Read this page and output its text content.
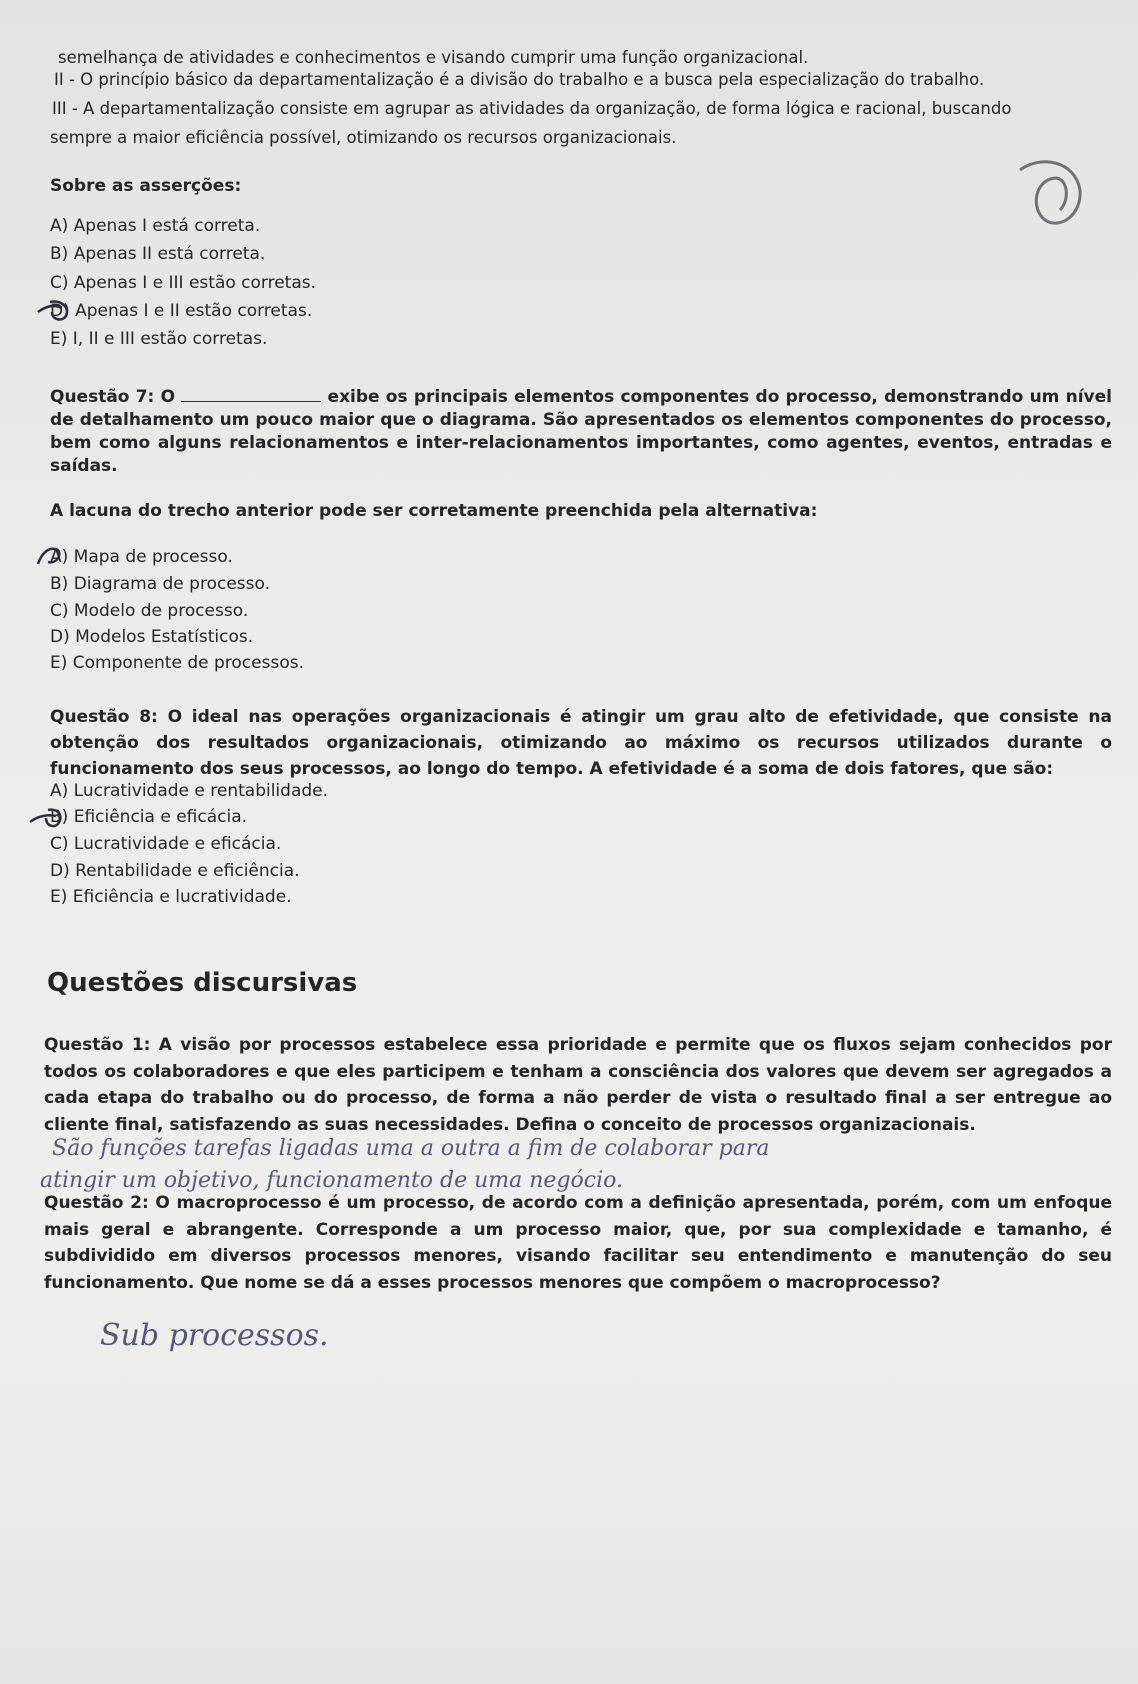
semelhança de atividades e conhecimentos e visando cumprir uma função organizacional.

II - O princípio básico da departamentalização é a divisão do trabalho e a busca pela especialização do trabalho.

III - A departamentalização consiste em agrupar as atividades da organização, de forma lógica e racional, buscando

sempre a maior eficiência possível, otimizando os recursos organizacionais.

Sobre as asserções:

A) Apenas I está correta.
B) Apenas II está correta.
C) Apenas I e III estão corretas.
D) Apenas I e II estão corretas.
E) I, II e III estão corretas.
Questão 7: O	exibe os principais elementos componentes do processo, demonstrando um nível de detalhamento um pouco maior que o diagrama. São apresentados os elementos componentes do processo, bem como alguns relacionamentos e inter-relacionamentos importantes, como agentes, eventos, entradas e saídas.

A lacuna do trecho anterior pode ser corretamente preenchida pela alternativa:

A) Mapa de processo.
B) Diagrama de processo.
C) Modelo de processo.
D) Modelos Estatísticos.
E) Componente de processos.

Questão 8: O ideal nas operações organizacionais é atingir um grau alto de efetividade, que consiste na obtenção dos resultados organizacionais, otimizando ao máximo os recursos utilizados durante o funcionamento dos seus processos, ao longo do tempo. A efetividade é a soma de dois fatores, que são:

A) Lucratividade e rentabilidade.
B) Eficiência e eficácia.
C) Lucratividade e eficácia.
D) Rentabilidade e eficiência.
E) Eficiência e lucratividade.
Questões discursivas

Questão 1: A visão por processos estabelece essa prioridade e permite que os fluxos sejam conhecidos por todos os colaboradores e que eles participem e tenham a consciência dos valores que devem ser agregados a cada etapa do trabalho ou do processo, de forma a não perder de vista o resultado final a ser entregue ao cliente final, satisfazendo as suas necessidades. Defina o conceito de processos organizacionais.

São funções tarefas ligadas uma a outra a fim de colaborar para
atingir um objetivo, funcionamento de uma negócio.

Questão 2: O macroprocesso é um processo, de acordo com a definição apresentada, porém, com um enfoque mais geral e abrangente. Corresponde a um processo maior, que, por sua complexidade e tamanho, é subdividido em diversos processos menores, visando facilitar seu entendimento e manutenção do seu funcionamento. Que nome se dá a esses processos menores que compõem o macroprocesso?

Sub processos.
